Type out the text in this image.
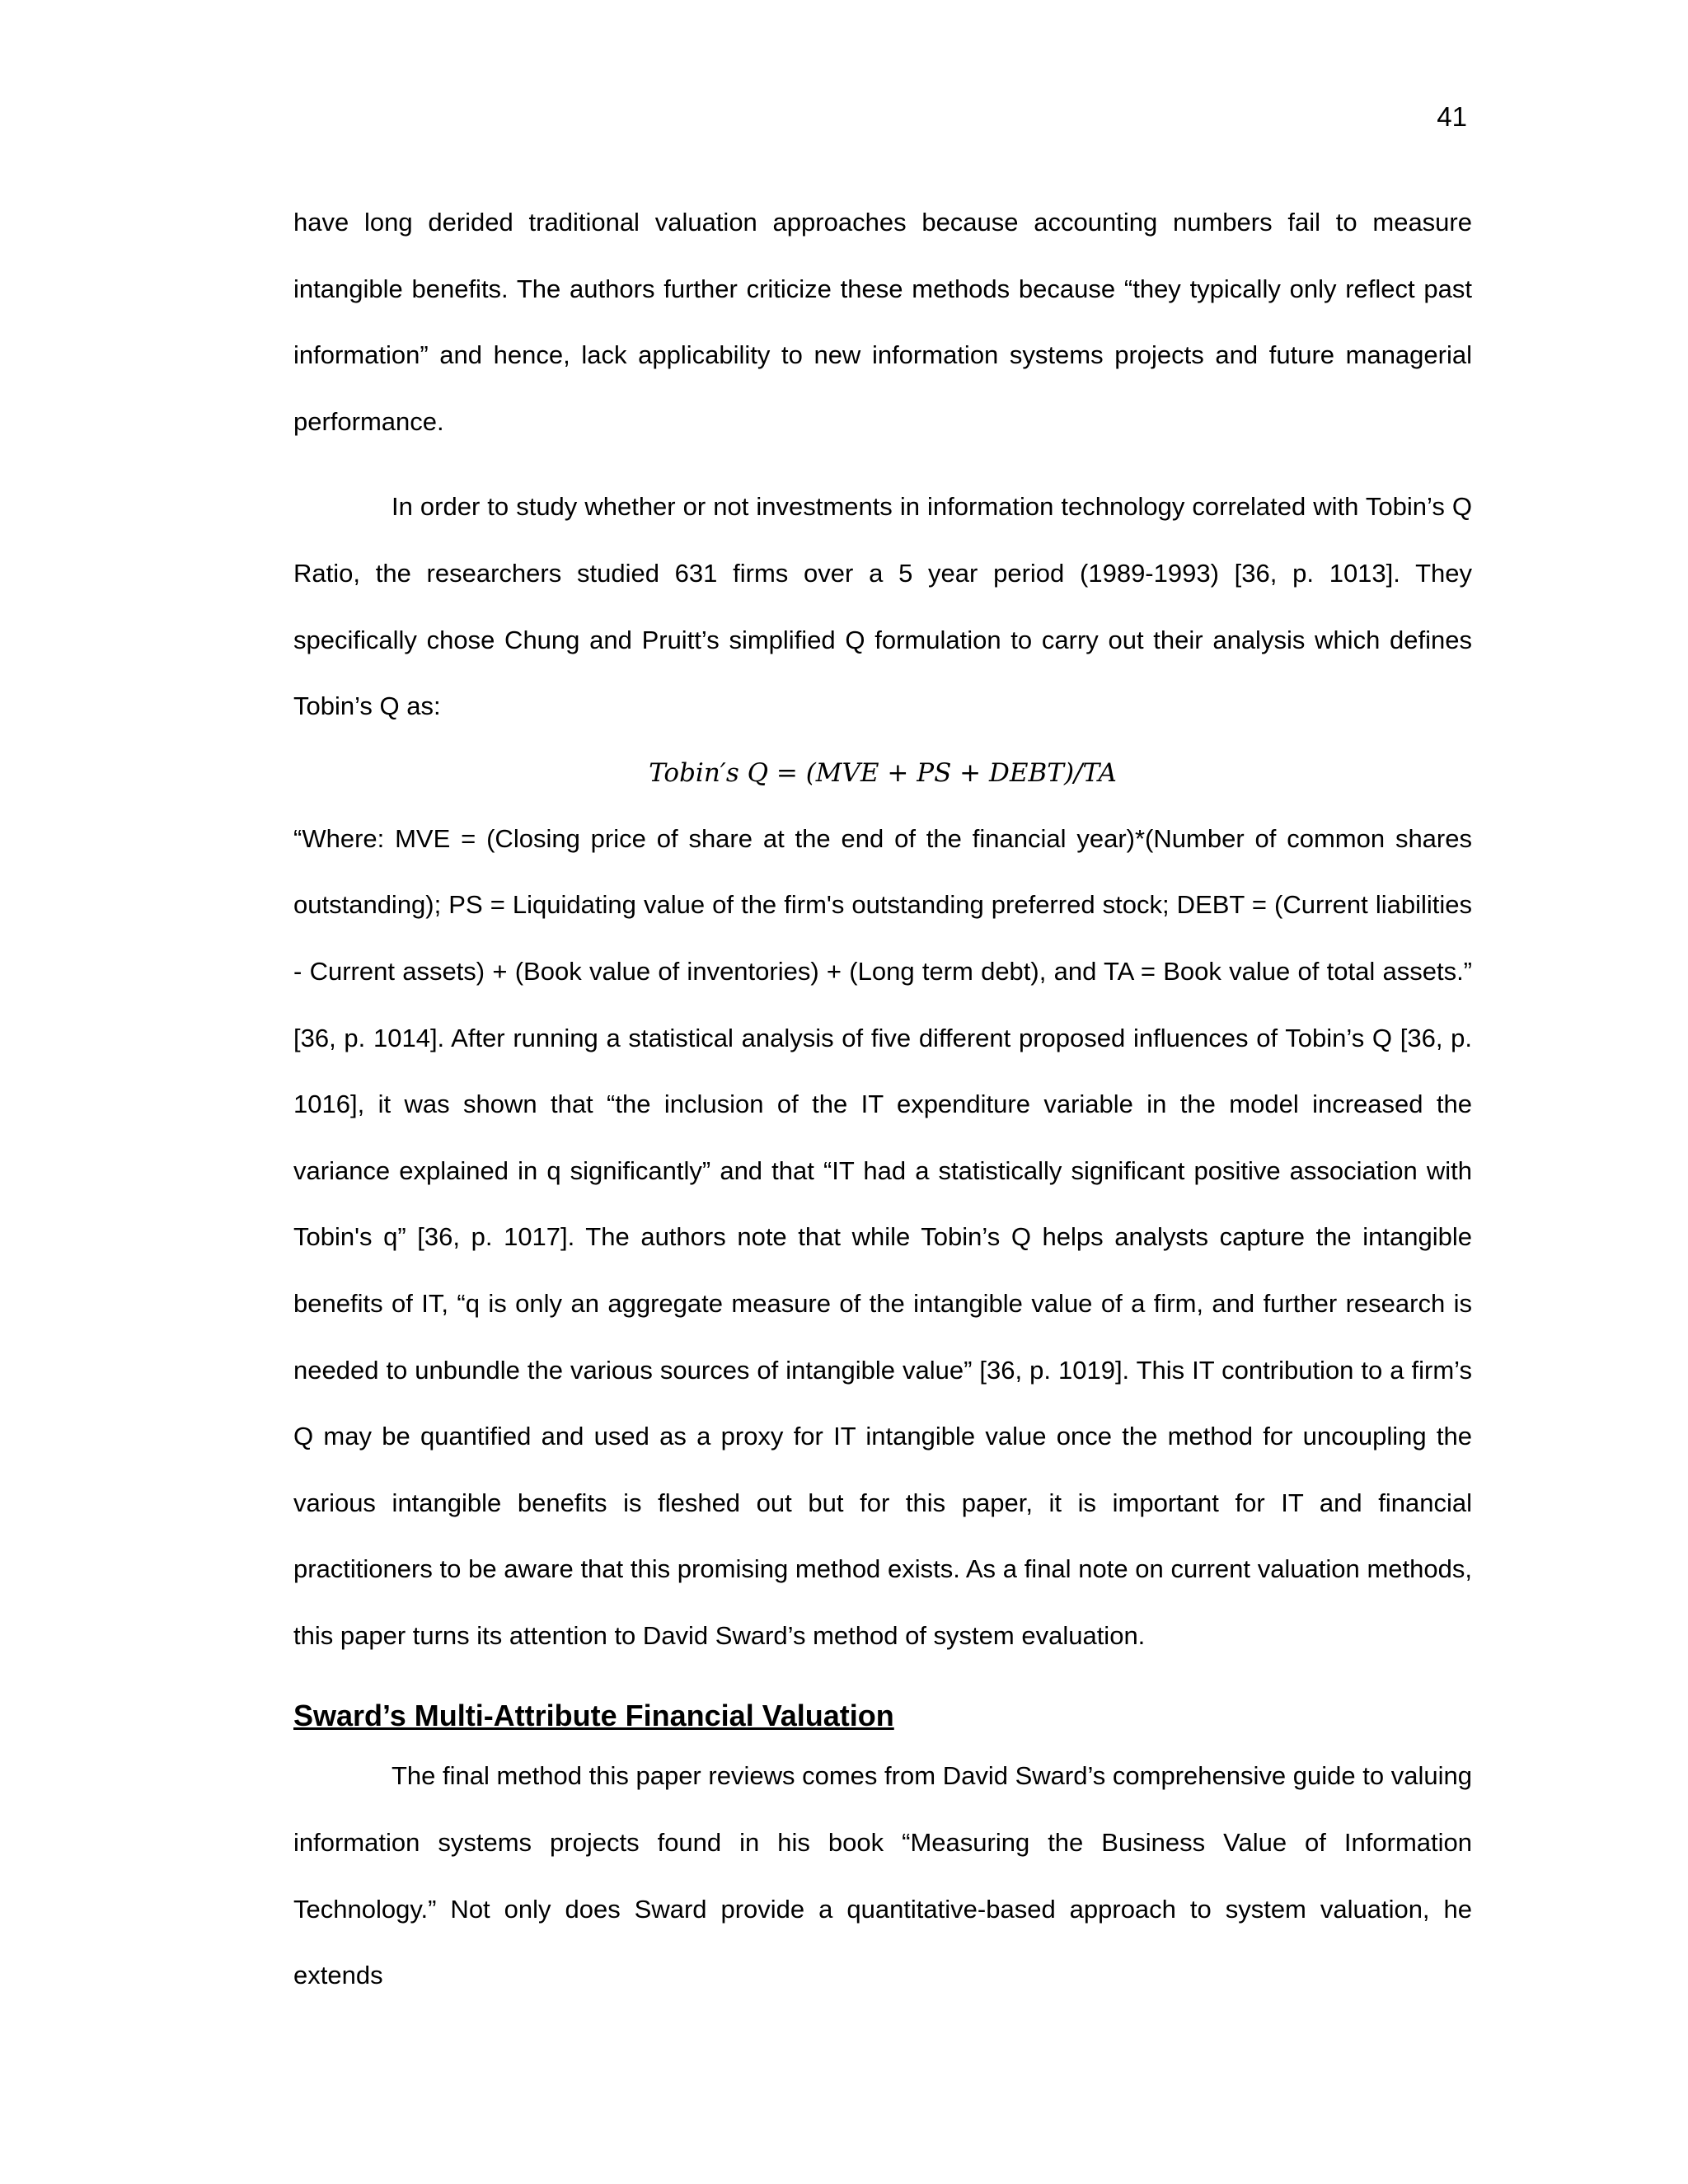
41

have long derided traditional valuation approaches because accounting numbers fail to measure intangible benefits. The authors further criticize these methods because “they typically only reflect past information” and hence, lack applicability to new information systems projects and future managerial performance.

In order to study whether or not investments in information technology correlated with Tobin’s Q Ratio, the researchers studied 631 firms over a 5 year period (1989-1993) [36, p. 1013]. They specifically chose Chung and Pruitt’s simplified Q formulation to carry out their analysis which defines Tobin’s Q as:

Tobin′s Q = (MVE + PS + DEBT)/TA

“Where: MVE = (Closing price of share at the end of the financial year)*(Number of common shares outstanding); PS = Liquidating value of the firm's outstanding preferred stock; DEBT = (Current liabilities - Current assets) + (Book value of inventories) + (Long term debt), and TA = Book value of total assets.” [36, p. 1014]. After running a statistical analysis of five different proposed influences of Tobin’s Q [36, p. 1016], it was shown that “the inclusion of the IT expenditure variable in the model increased the variance explained in q significantly” and that “IT had a statistically significant positive association with Tobin's q” [36, p. 1017]. The authors note that while Tobin’s Q helps analysts capture the intangible benefits of IT, “q is only an aggregate measure of the intangible value of a firm, and further research is needed to unbundle the various sources of intangible value” [36, p. 1019]. This IT contribution to a firm’s Q may be quantified and used as a proxy for IT intangible value once the method for uncoupling the various intangible benefits is fleshed out but for this paper, it is important for IT and financial practitioners to be aware that this promising method exists. As a final note on current valuation methods, this paper turns its attention to David Sward’s method of system evaluation.

Sward’s Multi-Attribute Financial Valuation

The final method this paper reviews comes from David Sward’s comprehensive guide to valuing information systems projects found in his book “Measuring the Business Value of Information Technology.” Not only does Sward provide a quantitative-based approach to system valuation, he extends
